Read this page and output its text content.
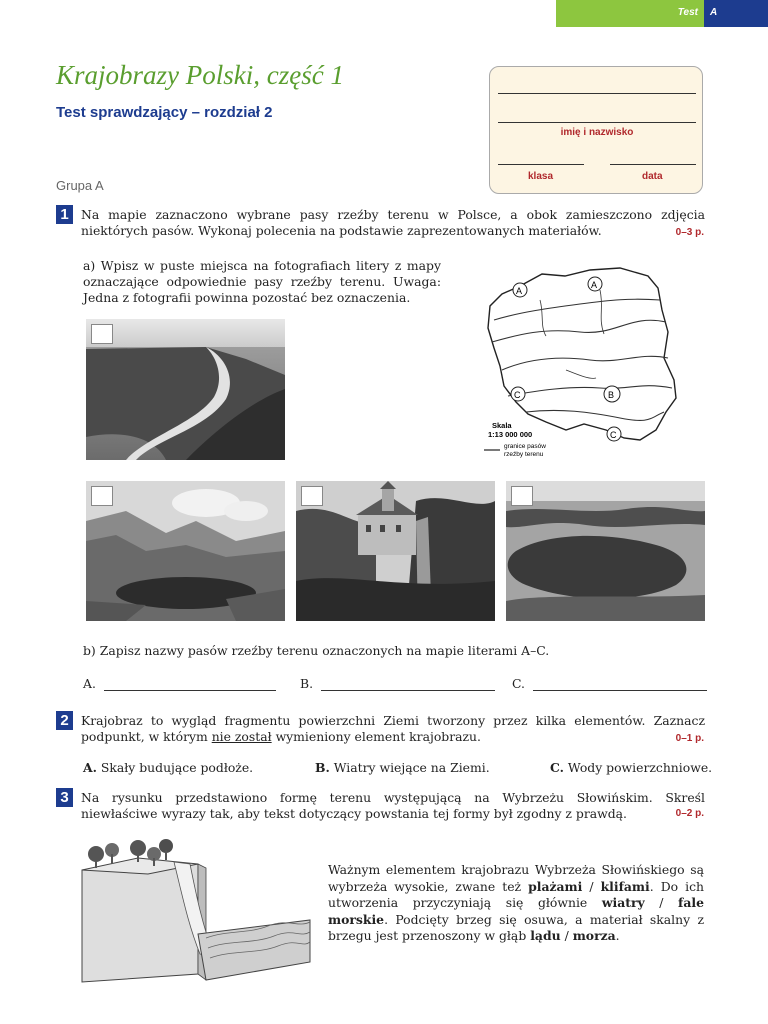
Test	A
Krajobrazy Polski, część 1
Test sprawdzający – rozdział 2
Grupa A
imię i nazwisko
klasa	data
1 Na mapie zaznaczono wybrane pasy rzeźby terenu w Polsce, a obok zamieszczono zdjęcia niektórych pasów. Wykonaj polecenia na podstawie zaprezentowanych materiałów.	0–3 p.
a) Wpisz w puste miejsca na fotografiach litery z mapy oznaczające odpowiednie pasy rzeźby terenu. Uwaga: Jedna z fotografii powinna pozostać bez oznaczenia.	A
A
B
C
C
Skala
1:13 000 000
granice pasów
rzeźby terenu
b) Zapisz nazwy pasów rzeźby terenu oznaczonych na mapie literami A–C.
A.	B.	C.
2 Krajobraz to wygląd fragmentu powierzchni Ziemi tworzony przez kilka elementów. Zaznacz podpunkt, w którym nie został wymieniony element krajobrazu.	0–1 p.
A. Skały budujące podłoże.	B. Wiatry wiejące na Ziemi.	C. Wody powierzchniowe.
3 Na rysunku przedstawiono formę terenu występującą na Wybrzeżu Słowińskim. Skreśl niewłaściwe wyrazy tak, aby tekst dotyczący powstania tej formy był zgodny z prawdą.	0–2 p.
Ważnym elementem krajobrazu Wybrzeża Słowińskiego są wybrzeża wysokie, zwane też plażami / klifami. Do ich utworzenia przyczyniają się głównie wiatry / fale morskie. Podcięty brzeg się osuwa, a materiał skalny z brzegu jest przenoszony w głąb lądu / morza.
